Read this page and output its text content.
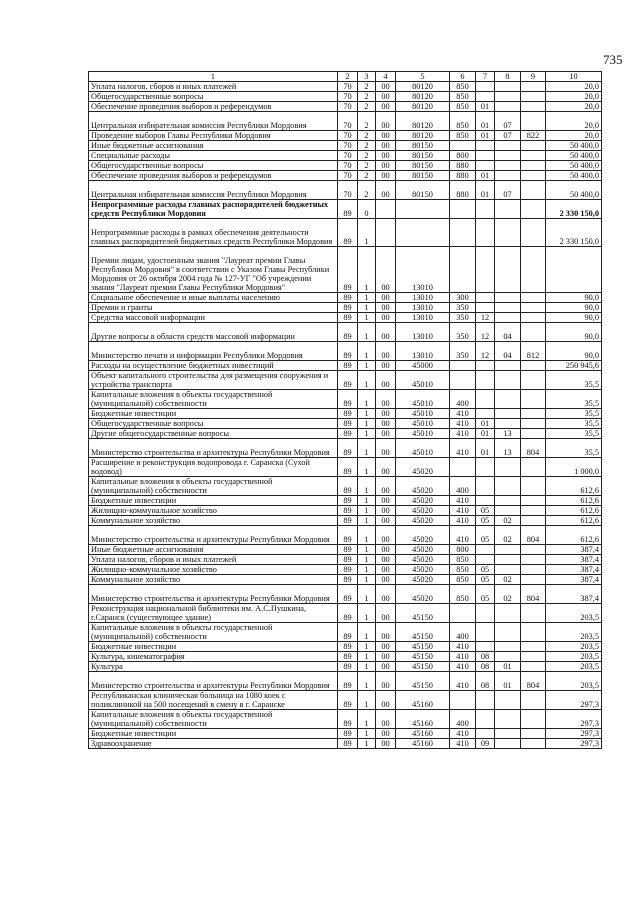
735
1	2	3	4	5	6	7	8	9	10
Уплата налогов, сборов и иных платежей	70	2	00	80120	850				20,0
Общегосударственные вопросы	70	2	00	80120	850				20,0
Обеспечение проведения выборов и референдумов	70	2	00	80120	850	01			20,0
Центральная избирательная комиссия Республики Мордовия	70	2	00	80120	850	01	07		20,0
Проведение выборов Главы Республики Мордовия	70	2	00	80120	850	01	07	822	20,0
Иные бюджетные ассигнования	70	2	00	80150					50 400,0
Специальные расходы	70	2	00	80150	800				50 400,0
Общегосударственные вопросы	70	2	00	80150	880				50 400,0
Обеспечение проведения выборов и референдумов	70	2	00	80150	880	01			50 400,0
Центральная избирательная комиссия Республики Мордовия	70	2	00	80150	880	01	07		50 400,0
Непрограммные расходы главных распорядителей бюджетных средств Республики Мордовия	89	0							2 330 150,0
Непрограммные расходы в рамках обеспечения деятельности главных распорядителей бюджетных средств Республики Мордовия	89	1							2 330 150,0
Премии лицам, удостоенным звания "Лауреат премии Главы Республики Мордовия" в соответствии с Указом Главы Республики Мордовия от 26 октября 2004 года № 127-УГ "Об учреждении звания "Лауреат премии Главы Республики Мордовия"	89	1	00	13010					
Социальное обеспечение и иные выплаты населению	89	1	00	13010	300				90,0
Премии и гранты	89	1	00	13010	350				90,0
Средства массовой информации	89	1	00	13010	350	12			90,0
Другие вопросы в области средств массовой информации	89	1	00	13010	350	12	04		90,0
Министерство печати и информации Республики Мордовия	89	1	00	13010	350	12	04	812	90,0
Расходы на осуществление бюджетных инвестиций	89	1	00	45000					250 945,6
Объект капитального строительства для размещения сооружения и устройства транспорта	89	1	00	45010					35,5
Капитальные вложения в объекты государственной (муниципальной) собственности	89	1	00	45010	400				35,5
Бюджетные инвестиции	89	1	00	45010	410				35,5
Общегосударственные вопросы	89	1	00	45010	410	01			35,5
Другие общегосударственные вопросы	89	1	00	45010	410	01	13		35,5
Министерство строительства и архитектуры Республики Мордовия	89	1	00	45010	410	01	13	804	35,5
Расширение и реконструкция водопровода г. Саранска (Сухой водовод)	89	1	00	45020					1 000,0
Капитальные вложения в объекты государственной (муниципальной) собственности	89	1	00	45020	400				612,6
Бюджетные инвестиции	89	1	00	45020	410				612,6
Жилищно-коммунальное хозяйство	89	1	00	45020	410	05			612,6
Коммунальное хозяйство	89	1	00	45020	410	05	02		612,6
Министерство строительства и архитектуры Республики Мордовия	89	1	00	45020	410	05	02	804	612,6
Иные бюджетные ассигнования	89	1	00	45020	800				387,4
Уплата налогов, сборов и иных платежей	89	1	00	45020	850				387,4
Жилищно-коммунальное хозяйство	89	1	00	45020	850	05			387,4
Коммунальное хозяйство	89	1	00	45020	850	05	02		387,4
Министерство строительства и архитектуры Республики Мордовия	89	1	00	45020	850	05	02	804	387,4
Реконструкция национальной библиотеки им. А.С.Пушкина, г.Саранск (существующее здание)	89	1	00	45150					203,5
Капитальные вложения в объекты государственной (муниципальной) собственности	89	1	00	45150	400				203,5
Бюджетные инвестиции	89	1	00	45150	410				203,5
Культура, кинематография	89	1	00	45150	410	08			203,5
Культура	89	1	00	45150	410	08	01		203,5
Министерство строительства и архитектуры Республики Мордовия	89	1	00	45150	410	08	01	804	203,5
Республиканская клиническая больница на 1080 коек с поликлиникой на 500 посещений в смену в г. Саранске	89	1	00	45160					297,3
Капитальные вложения в объекты государственной (муниципальной) собственности	89	1	00	45160	400				297,3
Бюджетные инвестиции	89	1	00	45160	410				297,3
Здравоохранение	89	1	00	45160	410	09			297,3
